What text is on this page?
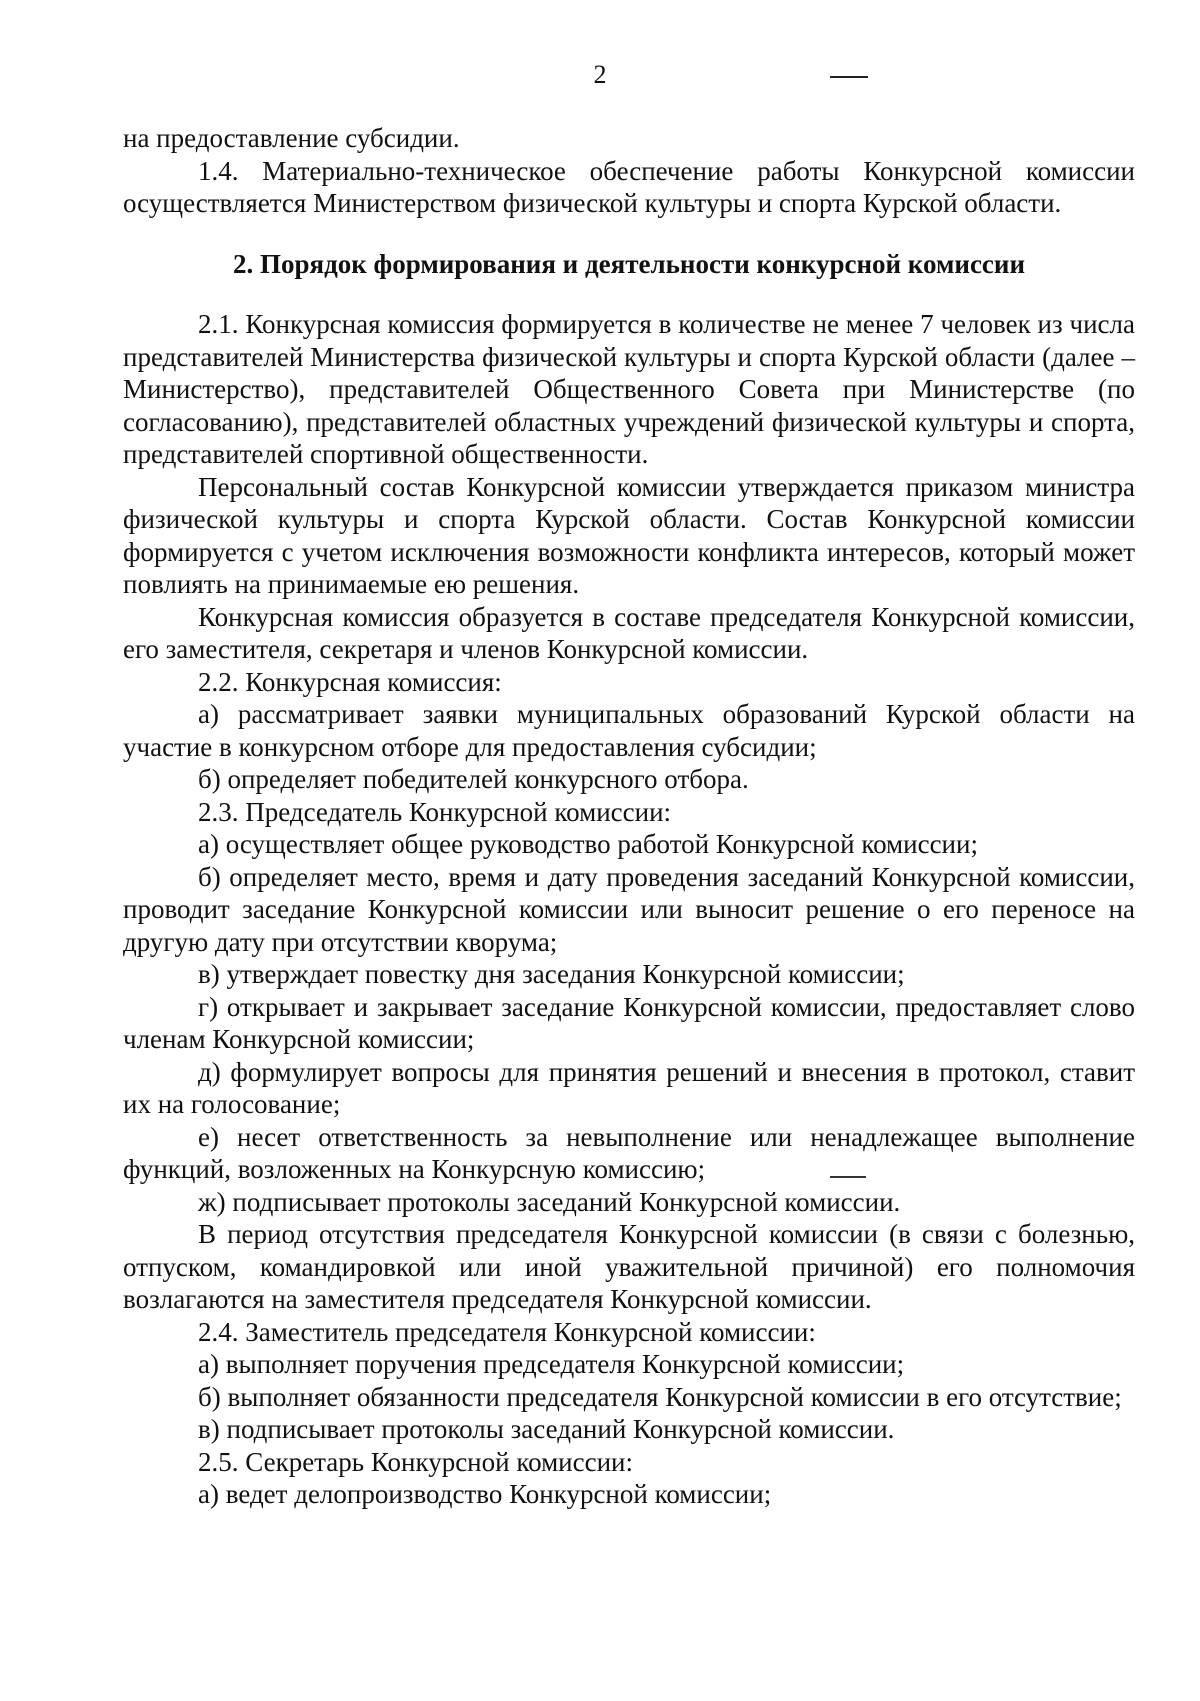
2

на предоставление субсидии.

1.4. Материально-техническое обеспечение работы Конкурсной комиссии осуществляется Министерством физической культуры и спорта Курской области.

2. Порядок формирования и деятельности конкурсной комиссии

2.1. Конкурсная комиссия формируется в количестве не менее 7 человек из числа представителей Министерства физической культуры и спорта Курской области (далее – Министерство), представителей Общественного Совета при Министерстве (по согласованию), представителей областных учреждений физической культуры и спорта, представителей спортивной общественности.

Персональный состав Конкурсной комиссии утверждается приказом министра физической культуры и спорта Курской области. Состав Конкурсной комиссии формируется с учетом исключения возможности конфликта интересов, который может повлиять на принимаемые ею решения.

Конкурсная комиссия образуется в составе председателя Конкурсной комиссии, его заместителя, секретаря и членов Конкурсной комиссии.

2.2. Конкурсная комиссия:

а) рассматривает заявки муниципальных образований Курской области на участие в конкурсном отборе для предоставления субсидии;

б) определяет победителей конкурсного отбора.

2.3. Председатель Конкурсной комиссии:

а) осуществляет общее руководство работой Конкурсной комиссии;

б) определяет место, время и дату проведения заседаний Конкурсной комиссии, проводит заседание Конкурсной комиссии или выносит решение о его переносе на другую дату при отсутствии кворума;

в) утверждает повестку дня заседания Конкурсной комиссии;

г) открывает и закрывает заседание Конкурсной комиссии, предоставляет слово членам Конкурсной комиссии;

д) формулирует вопросы для принятия решений и внесения в протокол, ставит их на голосование;

е) несет ответственность за невыполнение или ненадлежащее выполнение функций, возложенных на Конкурсную комиссию;

ж) подписывает протоколы заседаний Конкурсной комиссии.

В период отсутствия председателя Конкурсной комиссии (в связи с болезнью, отпуском, командировкой или иной уважительной причиной) его полномочия возлагаются на заместителя председателя Конкурсной комиссии.

2.4. Заместитель председателя Конкурсной комиссии:

а) выполняет поручения председателя Конкурсной комиссии;

б) выполняет обязанности председателя Конкурсной комиссии в его отсутствие;

в) подписывает протоколы заседаний Конкурсной комиссии.

2.5. Секретарь Конкурсной комиссии:

а) ведет делопроизводство Конкурсной комиссии;
